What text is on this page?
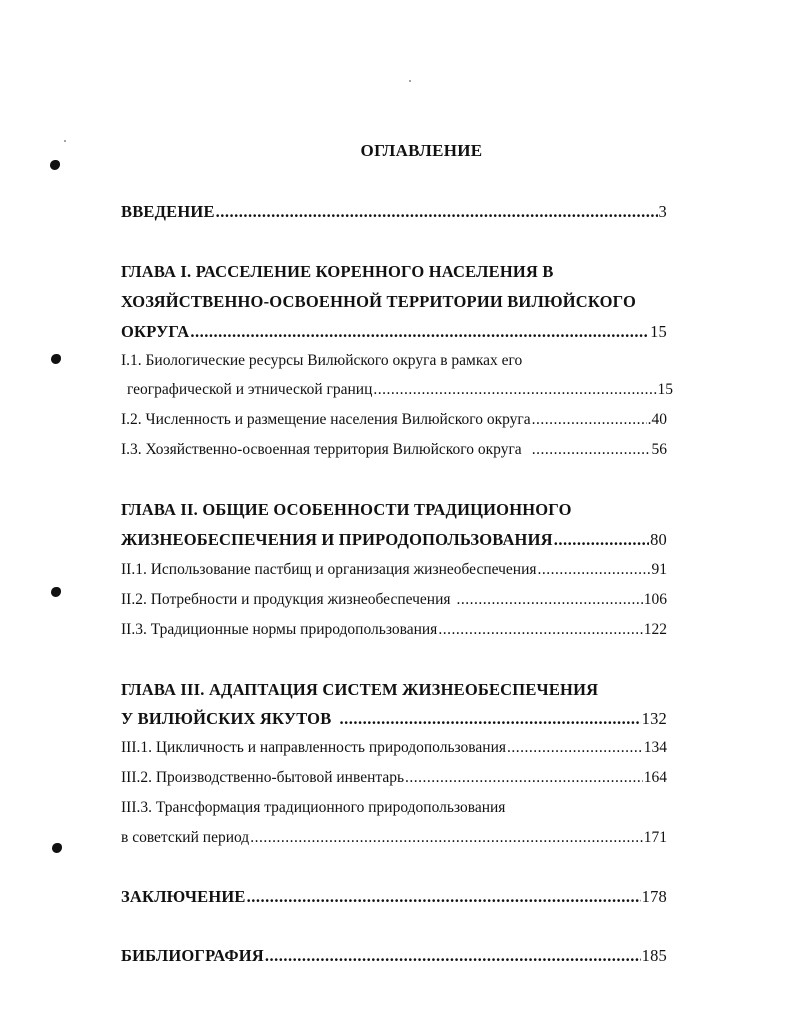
ОГЛАВЛЕНИЕ
ВВЕДЕНИЕ .....	3
ГЛАВА I. РАССЕЛЕНИЕ КОРЕННОГО НАСЕЛЕНИЯ В
ХОЗЯЙСТВЕННО-ОСВОЕННОЙ ТЕРРИТОРИИ ВИЛЮЙСКОГО
ОКРУГА .....	15
I.1. Биологические ресурсы Вилюйского округа в рамках его
географической и этнической границ .....	15
I.2. Численность и размещение населения Вилюйского округа .....	.40
I.3. Хозяйственно-освоенная территория Вилюйского округа .....	56
ГЛАВА II. ОБЩИЕ ОСОБЕННОСТИ ТРАДИЦИОННОГО
ЖИЗНЕОБЕСПЕЧЕНИЯ И ПРИРОДОПОЛЬЗОВАНИЯ .....	80
II.1. Использование пастбищ и организация жизнеобеспечения .....	91
II.2. Потребности и продукция жизнеобеспечения .....	106
II.3. Традиционные нормы природопользования .....	122
ГЛАВА III. АДАПТАЦИЯ СИСТЕМ ЖИЗНЕОБЕСПЕЧЕНИЯ
У ВИЛЮЙСКИХ ЯКУТОВ .....	132
III.1. Цикличность и направленность природопользования .....	134
III.2. Производственно-бытовой инвентарь .....	164
III.3. Трансформация традиционного природопользования
в советский период .....	171
ЗАКЛЮЧЕНИЕ .....	178
БИБЛИОГРАФИЯ .....	185
